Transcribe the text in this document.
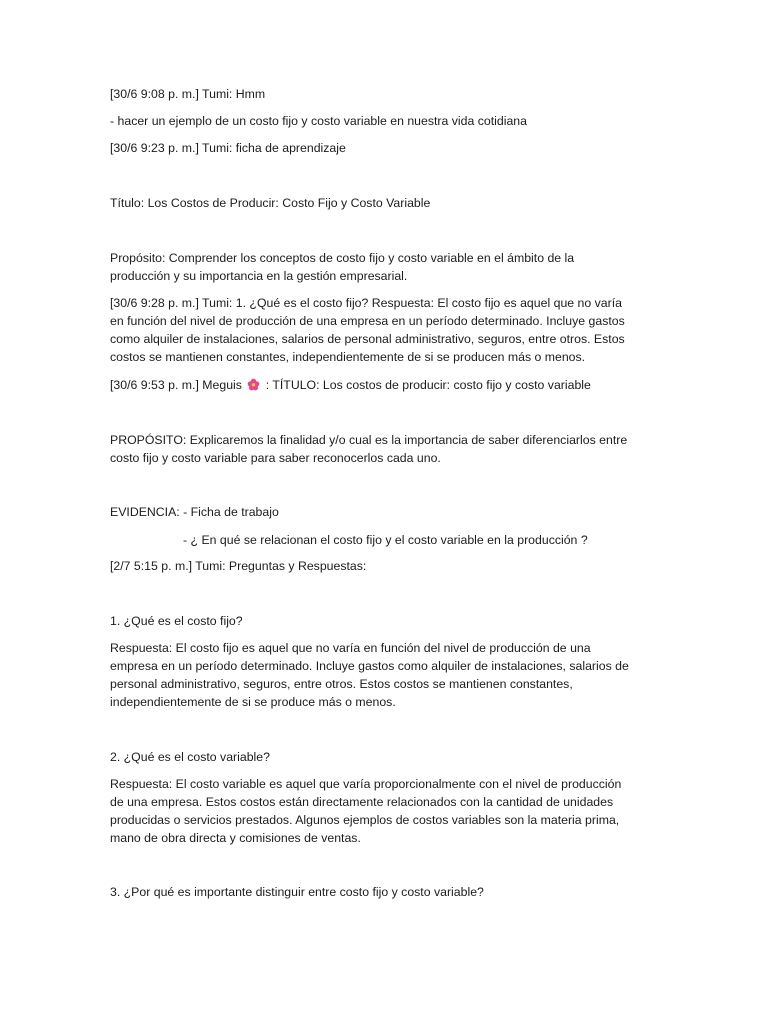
[30/6 9:08 p. m.] Tumi: Hmm

- hacer un ejemplo de un costo fijo y costo variable en nuestra vida cotidiana

[30/6 9:23 p. m.] Tumi: ficha de aprendizaje

Título: Los Costos de Producir: Costo Fijo y Costo Variable

Propósito: Comprender los conceptos de costo fijo y costo variable en el ámbito de la
producción y su importancia en la gestión empresarial.
[30/6 9:28 p. m.] Tumi: 1. ¿Qué es el costo fijo? Respuesta: El costo fijo es aquel que no varía
en función del nivel de producción de una empresa en un período determinado. Incluye gastos
como alquiler de instalaciones, salarios de personal administrativo, seguros, entre otros. Estos
costos se mantienen constantes, independientemente de si se producen más o menos.

[30/6 9:53 p. m.] Meguis : TÍTULO: Los costos de producir: costo fijo y costo variable

PROPÓSITO: Explicaremos la finalidad y/o cual es la importancia de saber diferenciarlos entre
costo fijo y costo variable para saber reconocerlos cada uno.

EVIDENCIA: - Ficha de trabajo

- ¿ En qué se relacionan el costo fijo y el costo variable en la producción ?

[2/7 5:15 p. m.] Tumi: Preguntas y Respuestas:

1. ¿Qué es el costo fijo?

Respuesta: El costo fijo es aquel que no varía en función del nivel de producción de una
empresa en un período determinado. Incluye gastos como alquiler de instalaciones, salarios de
personal administrativo, seguros, entre otros. Estos costos se mantienen constantes,
independientemente de si se produce más o menos.

2. ¿Qué es el costo variable?

Respuesta: El costo variable es aquel que varía proporcionalmente con el nivel de producción
de una empresa. Estos costos están directamente relacionados con la cantidad de unidades
producidas o servicios prestados. Algunos ejemplos de costos variables son la materia prima,
mano de obra directa y comisiones de ventas.

3. ¿Por qué es importante distinguir entre costo fijo y costo variable?
